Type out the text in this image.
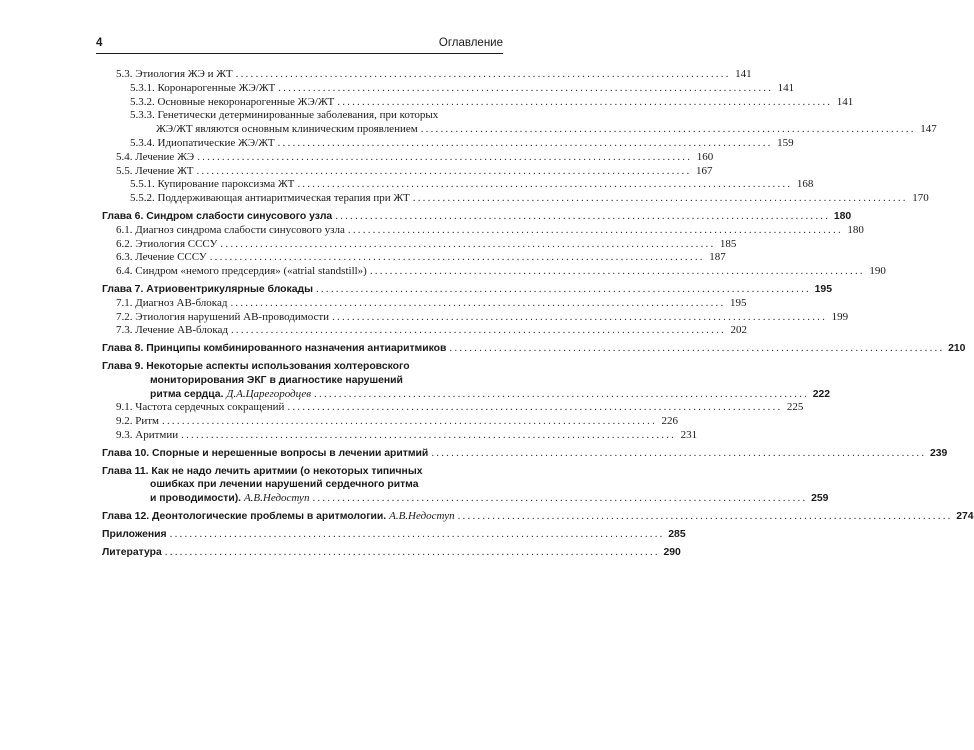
4	Оглавление
5.3. Этиология ЖЭ и ЖТ .................................................................................................... 141
5.3.1. Коронарогенные ЖЭ/ЖТ .................................................................................................... 141
5.3.2. Основные некоронарогенные ЖЭ/ЖТ .................................................................................................... 141
5.3.3. Генетически детерминированные заболевания, при которых
ЖЭ/ЖТ являются основным клиническим проявлением .................................................................................................... 147
5.3.4. Идиопатические ЖЭ/ЖТ .................................................................................................... 159
5.4. Лечение ЖЭ .................................................................................................... 160
5.5. Лечение ЖТ .................................................................................................... 167
5.5.1. Купирование пароксизма ЖТ .................................................................................................... 168
5.5.2. Поддерживающая антиаритмическая терапия при ЖТ .................................................................................................... 170
Глава 6. Синдром слабости синусового узла .................................................................................................... 180
6.1. Диагноз синдрома слабости синусового узла .................................................................................................... 180
6.2. Этиология СССУ .................................................................................................... 185
6.3. Лечение СССУ .................................................................................................... 187
6.4. Синдром «немого предсердия» («atrial standstill») .................................................................................................... 190
Глава 7. Атриовентрикулярные блокады .................................................................................................... 195
7.1. Диагноз АВ-блокад .................................................................................................... 195
7.2. Этиология нарушений АВ-проводимости .................................................................................................... 199
7.3. Лечение АВ-блокад .................................................................................................... 202
Глава 8. Принципы комбинированного назначения антиаритмиков .................................................................................................... 210
Глава 9. Некоторые аспекты использования холтеровского
мониторирования ЭКГ в диагностике нарушений
ритма сердца. Д.А.Царегородцев .................................................................................................... 222
9.1. Частота сердечных сокращений .................................................................................................... 225
9.2. Ритм .................................................................................................... 226
9.3. Аритмии .................................................................................................... 231
Глава 10. Спорные и нерешенные вопросы в лечении аритмий .................................................................................................... 239
Глава 11. Как не надо лечить аритмии (о некоторых типичных
ошибках при лечении нарушений сердечного ритма
и проводимости). А.В.Недоступ .................................................................................................... 259
Глава 12. Деонтологические проблемы в аритмологии. А.В.Недоступ .................................................................................................... 274
Приложения .................................................................................................... 285
Литература .................................................................................................... 290
